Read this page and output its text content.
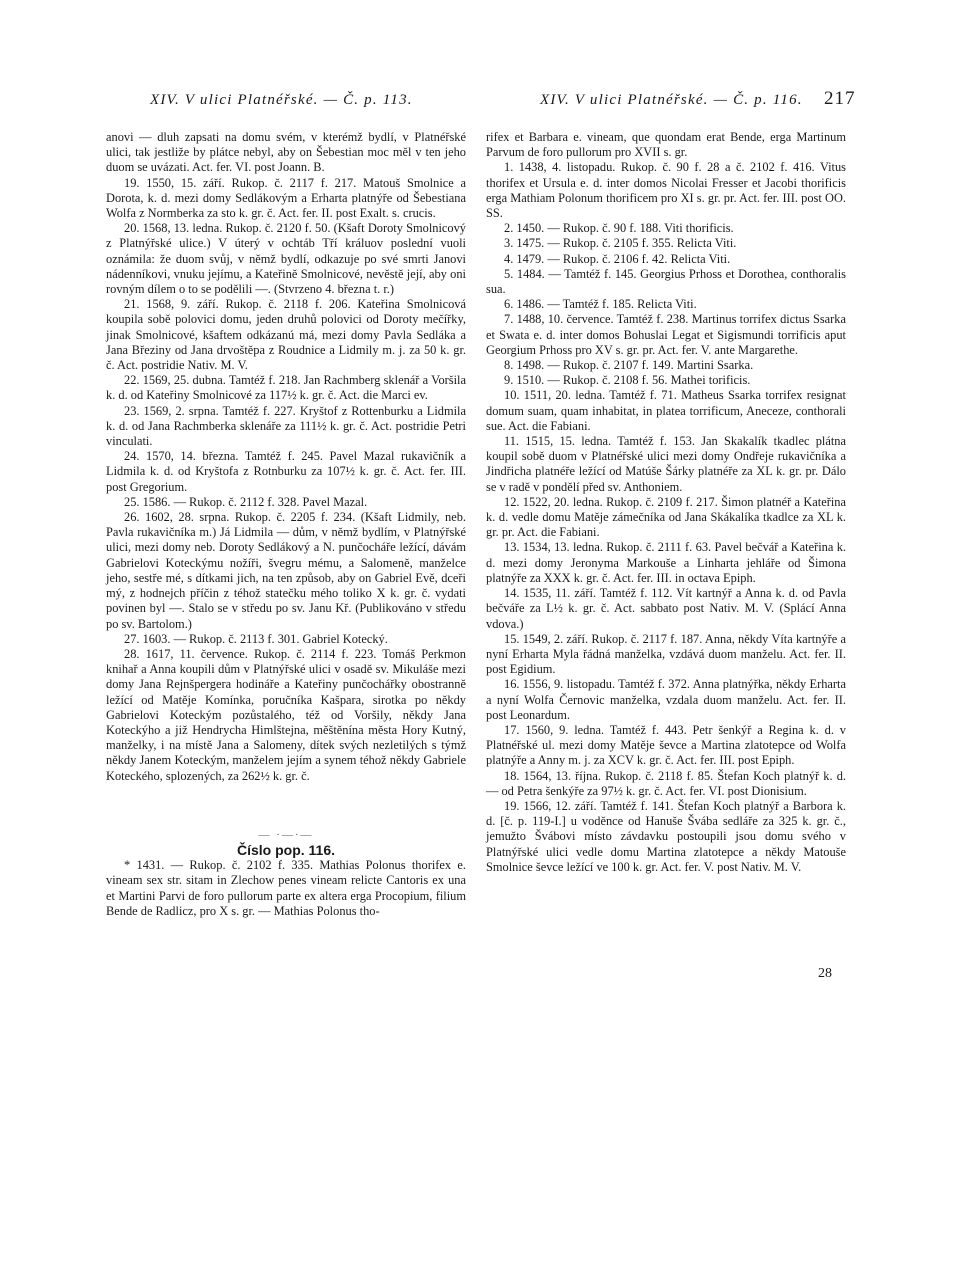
XIV. V ulici Platnéřské. — Č. p. 113.	XIV. V ulici Platnéřské. — Č. p. 116. 217

anovi — dluh zapsati na domu svém, v kterémž bydlí, v Platnéřské ulici, tak jestliže by plátce nebyl, aby on Šebestian moc měl v ten jeho duom se uvázati. Act. fer. VI. post Joann. B.

19. 1550, 15. září. Rukop. č. 2117 f. 217. Matouš Smolnice a Dorota, k. d. mezi domy Sedlákovým a Erharta platnýře od Šebestiana Wolfa z Normberka za sto k. gr. č. Act. fer. II. post Exalt. s. crucis.

20. 1568, 13. ledna. Rukop. č. 2120 f. 50. (Kšaft Doroty Smolnicový z Platnýřské ulice.) V úterý v ochtáb Tří králuov poslední vuoli oznámila: že duom svůj, v němž bydlí, odkazuje po své smrti Janovi nádenníkovi, vnuku jejímu, a Kateřině Smolnicové, nevěstě její, aby oni rovným dílem o to se podělili —. (Stvrzeno 4. března t. r.)

21. 1568, 9. září. Rukop. č. 2118 f. 206. Kateřina Smolnicová koupila sobě polovici domu, jeden druhů polovici od Doroty mečířky, jinak Smolnicové, kšaftem odkázanú má, mezi domy Pavla Sedláka a Jana Březiny od Jana drvoštěpa z Roudnice a Lidmily m. j. za 50 k. gr. č. Act. postridie Nativ. M. V.

22. 1569, 25. dubna. Tamtéž f. 218. Jan Rachmberg sklenář a Voršila k. d. od Kateřiny Smolnicové za 117½ k. gr. č. Act. die Marci ev.

23. 1569, 2. srpna. Tamtéž f. 227. Kryštof z Rottenburku a Lidmila k. d. od Jana Rachmberka sklenáře za 111½ k. gr. č. Act. postridie Petri vinculati.

24. 1570, 14. března. Tamtéž f. 245. Pavel Mazal rukavičník a Lidmila k. d. od Kryštofa z Rotnburku za 107½ k. gr. č. Act. fer. III. post Gregorium.

25. 1586. — Rukop. č. 2112 f. 328. Pavel Mazal.

26. 1602, 28. srpna. Rukop. č. 2205 f. 234. (Kšaft Lidmily, neb. Pavla rukavičníka m.) Já Lidmila — dům, v němž bydlím, v Platnýřské ulici, mezi domy neb. Doroty Sedlákový a N. punčocháře ležící, dávám Gabrielovi Koteckýmu nožíři, švegru mému, a Salomeně, manželce jeho, sestře mé, s dítkami jich, na ten způsob, aby on Gabriel Evě, dceři mý, z hodnejch příčin z téhož statečku mého toliko X k. gr. č. vydati povinen byl —. Stalo se v středu po sv. Janu Kř. (Publikováno v středu po sv. Bartolom.)

27. 1603. — Rukop. č. 2113 f. 301. Gabriel Kotecký.

28. 1617, 11. července. Rukop. č. 2114 f. 223. Tomáš Perkmon knihař a Anna koupili dům v Platnýřské ulici v osadě sv. Mikuláše mezi domy Jana Rejnšpergera hodináře a Kateřiny punčochářky obostranně ležící od Matěje Komínka, poručníka Kašpara, sirotka po někdy Gabrielovi Koteckým pozůstalého, též od Voršily, někdy Jana Koteckýho a již Hendrycha Himlštejna, měštěnína města Hory Kutný, manželky, i na místě Jana a Salomeny, dítek svých nezletilých s týmž někdy Janem Koteckým, manželem jejím a synem téhož někdy Gabriele Koteckého, splozených, za 262½ k. gr. č.

— ·—·—

Číslo pop. 116.

* 1431. — Rukop. č. 2102 f. 335. Mathias Polonus thorifex e. vineam sex str. sitam in Zlechow penes vineam relicte Cantoris ex una et Martini Parvi de foro pullorum parte ex altera erga Procopium, filium Bende de Radlicz, pro X s. gr. — Mathias Polonus tho-

rifex et Barbara e. vineam, que quondam erat Bende, erga Martinum Parvum de foro pullorum pro XVII s. gr.

1. 1438, 4. listopadu. Rukop. č. 90 f. 28 a č. 2102 f. 416. Vitus thorifex et Ursula e. d. inter domos Nicolai Fresser et Jacobi thorificis erga Mathiam Polonum thorificem pro XI s. gr. pr. Act. fer. III. post OO. SS.

2. 1450. — Rukop. č. 90 f. 188. Viti thorificis.

3. 1475. — Rukop. č. 2105 f. 355. Relicta Viti.

4. 1479. — Rukop. č. 2106 f. 42. Relicta Viti.

5. 1484. — Tamtéž f. 145. Georgius Prhoss et Dorothea, conthoralis sua.

6. 1486. — Tamtéž f. 185. Relicta Viti.

7. 1488, 10. července. Tamtéž f. 238. Martinus torrifex dictus Ssarka et Swata e. d. inter domos Bohuslai Legat et Sigismundi torrificis aput Georgium Prhoss pro XV s. gr. pr. Act. fer. V. ante Margarethe.

8. 1498. — Rukop. č. 2107 f. 149. Martini Ssarka.

9. 1510. — Rukop. č. 2108 f. 56. Mathei torificis.

10. 1511, 20. ledna. Tamtéž f. 71. Matheus Ssarka torrifex resignat domum suam, quam inhabitat, in platea torrificum, Aneceze, conthorali sue. Act. die Fabiani.

11. 1515, 15. ledna. Tamtéž f. 153. Jan Skakalík tkadlec plátna koupil sobě duom v Platnéřské ulici mezi domy Ondřeje rukavičníka a Jindřicha platnéře ležící od Matúše Šárky platnéře za XL k. gr. pr. Dálo se v radě v pondělí před sv. Anthoniem.

12. 1522, 20. ledna. Rukop. č. 2109 f. 217. Šimon platnéř a Kateřina k. d. vedle domu Matěje zámečníka od Jana Skákalíka tkadlce za XL k. gr. pr. Act. die Fabiani.

13. 1534, 13. ledna. Rukop. č. 2111 f. 63. Pavel bečvář a Kateřina k. d. mezi domy Jeronyma Markouše a Linharta jehláře od Šimona platnýře za XXX k. gr. č. Act. fer. III. in octava Epiph.

14. 1535, 11. září. Tamtéž f. 112. Vít kartnýř a Anna k. d. od Pavla bečváře za L½ k. gr. č. Act. sabbato post Nativ. M. V. (Splácí Anna vdova.)

15. 1549, 2. září. Rukop. č. 2117 f. 187. Anna, někdy Víta kartnýře a nyní Erharta Myla řádná manželka, vzdává duom manželu. Act. fer. II. post Egidium.

16. 1556, 9. listopadu. Tamtéž f. 372. Anna platnýřka, někdy Erharta a nyní Wolfa Černovic manželka, vzdala duom manželu. Act. fer. II. post Leonardum.

17. 1560, 9. ledna. Tamtéž f. 443. Petr šenkýř a Regina k. d. v Platnéřské ul. mezi domy Matěje ševce a Martina zlatotepce od Wolfa platnýře a Anny m. j. za XCV k. gr. č. Act. fer. III. post Epiph.

18. 1564, 13. října. Rukop. č. 2118 f. 85. Štefan Koch platnýř k. d. — od Petra šenkýře za 97½ k. gr. č. Act. fer. VI. post Dionisium.

19. 1566, 12. září. Tamtéž f. 141. Štefan Koch platnýř a Barbora k. d. [č. p. 119-I.] u voděnce od Hanuše Švába sedláře za 325 k. gr. č., jemužto Švábovi místo závdavku postoupili jsou domu svého v Platnýřské ulici vedle domu Martina zlatotepce a někdy Matouše Smolnice ševce ležící ve 100 k. gr. Act. fer. V. post Nativ. M. V.

28
